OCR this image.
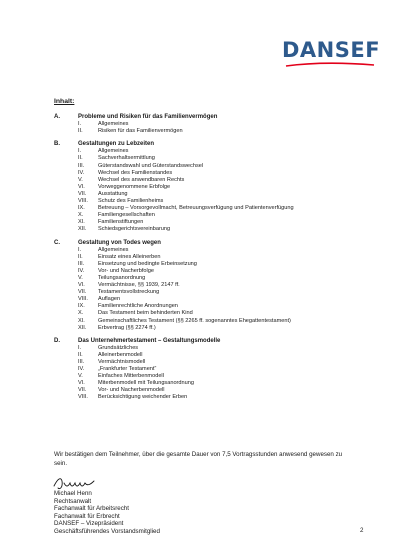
DANSEF
Inhalt:
A.	Probleme und Risiken für das Familienvermögen
I.	Allgemeines
II.	Risiken für das Familienvermögen
B.	Gestaltungen zu Lebzeiten
I.	Allgemeines
II.	Sachverhaltsermittlung
III.	Güterstandswahl und Güterstandswechsel
IV.	Wechsel des Familienstandes
V.	Wechsel des anwendbaren Rechts
VI.	Vorweggenommene Erbfolge
VII.	Ausstattung
VIII.	Schutz des Familienheims
IX.	Betreuung – Vorsorgevollmacht, Betreuungsverfügung und Patientenverfügung
X.	Familiengesellschaften
XI.	Familienstiftungen
XII.	Schiedsgerichtsvereinbarung
C.	Gestaltung von Todes wegen
I.	Allgemeines
II.	Einsatz eines Alleinerben
III.	Einsetzung und bedingte Erbeinsetzung
IV.	Vor- und Nacherbfolge
V.	Teilungsanordnung
VI.	Vermächtnisse, §§ 1939, 2147 ff.
VII.	Testamentsvollstreckung
VIII.	Auflagen
IX.	Familienrechtliche Anordnungen
X.	Das Testament beim behinderten Kind
XI.	Gemeinschaftliches Testament (§§ 2265 ff. sogenanntes Ehegattentestament)
XII.	Erbvertrag (§§ 2274 ff.)
D.	Das Unternehmertestament – Gestaltungsmodelle
I.	Grundsätzliches
II.	Alleinerbenmodell
III.	Vermächtnismodell
IV.	„Frankfurter Testament“
V.	Einfaches Mitterbenmodell
VI.	Miterbenmodell mit Teilungsanordnung
VII.	Vor- und Nacherbenmodell
VIII.	Berücksichtigung weichender Erben
Wir bestätigen dem Teilnehmer, über die gesamte Dauer von 7,5 Vortragsstunden anwesend gewesen zu sein.
Michael Henn
Rechtsanwalt
Fachanwalt für Arbeitsrecht
Fachanwalt für Erbrecht
DANSEF – Vizepräsident
Geschäftsführendes Vorstandsmitglied	2
